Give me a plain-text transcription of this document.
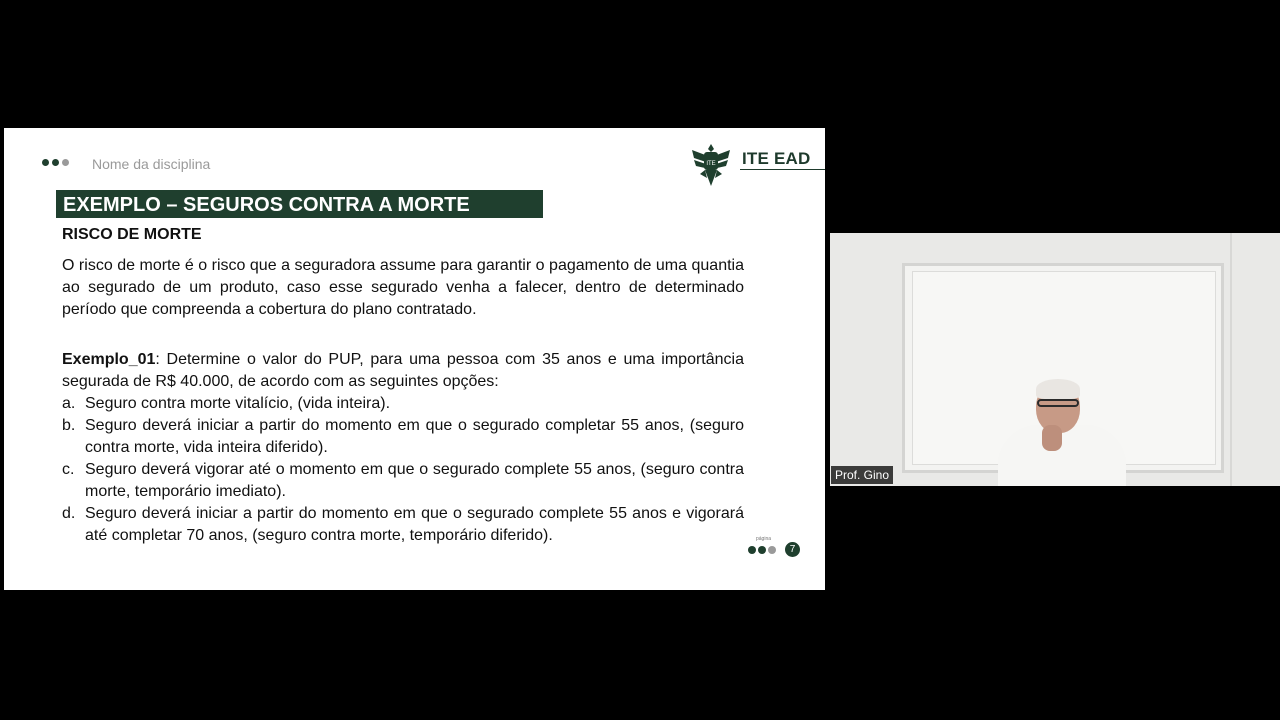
Nome da disciplina	ITE ITE EAD
EXEMPLO – SEGUROS CONTRA A MORTE
RISCO DE MORTE
O risco de morte é o risco que a seguradora assume para garantir o pagamento de uma quantia ao segurado de um produto, caso esse segurado venha a falecer, dentro de determinado período que compreenda a cobertura do plano contratado.
Exemplo_01: Determine o valor do PUP, para uma pessoa com 35 anos e uma importância segurada de R$ 40.000, de acordo com as seguintes opções:
a. Seguro contra morte vitalício, (vida inteira).
b. Seguro deverá iniciar a partir do momento em que o segurado completar 55 anos, (seguro contra morte, vida inteira diferido).
c. Seguro deverá vigorar até o momento em que o segurado complete 55 anos, (seguro contra morte, temporário imediato).
d. Seguro deverá iniciar a partir do momento em que o segurado complete 55 anos e vigorará até completar 70 anos, (seguro contra morte, temporário diferido).	página
7
Prof. Gino
